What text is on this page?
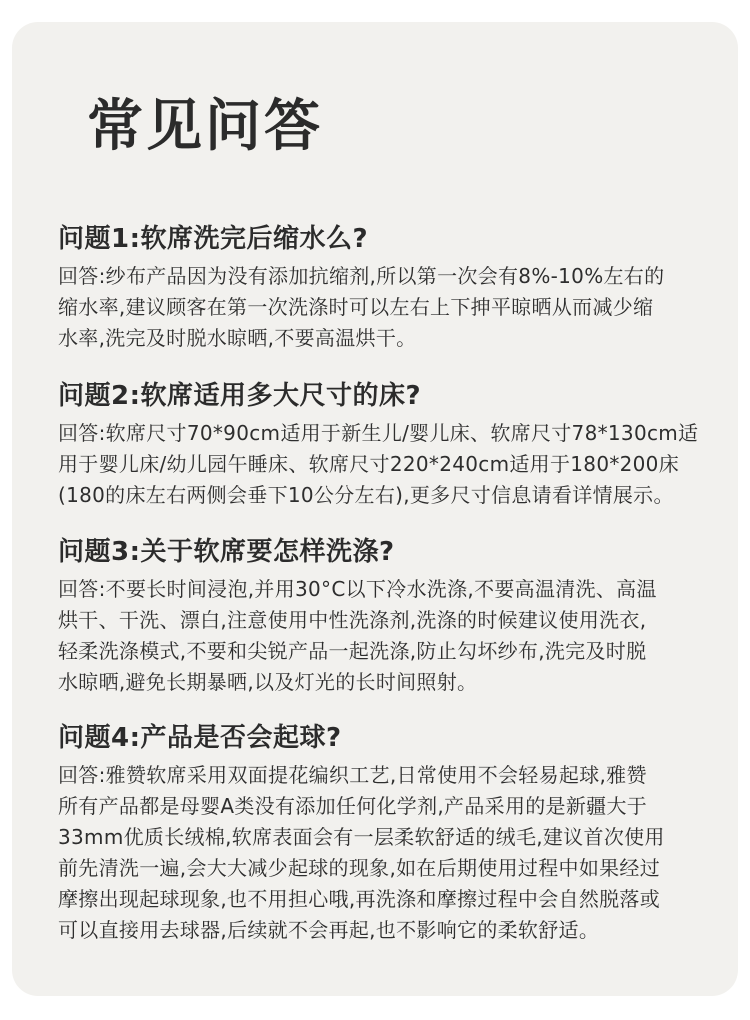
常见问答
问题1:软席洗完后缩水么?
回答:纱布产品因为没有添加抗缩剂,所以第一次会有8%-10%左右的
缩水率,建议顾客在第一次洗涤时可以左右上下抻平晾晒从而减少缩
水率,洗完及时脱水晾晒,不要高温烘干。
问题2:软席适用多大尺寸的床?
回答:软席尺寸70*90cm适用于新生儿/婴儿床、软席尺寸78*130cm适
用于婴儿床/幼儿园午睡床、软席尺寸220*240cm适用于180*200床
(180的床左右两侧会垂下10公分左右),更多尺寸信息请看详情展示。
问题3:关于软席要怎样洗涤?
回答:不要长时间浸泡,并用30°C以下冷水洗涤,不要高温清洗、高温
烘干、干洗、漂白,注意使用中性洗涤剂,洗涤的时候建议使用洗衣,
轻柔洗涤模式,不要和尖锐产品一起洗涤,防止勾坏纱布,洗完及时脱
水晾晒,避免长期暴晒,以及灯光的长时间照射。
问题4:产品是否会起球?
回答:雅赞软席采用双面提花编织工艺,日常使用不会轻易起球,雅赞
所有产品都是母婴A类没有添加任何化学剂,产品采用的是新疆大于
33mm优质长绒棉,软席表面会有一层柔软舒适的绒毛,建议首次使用
前先清洗一遍,会大大减少起球的现象,如在后期使用过程中如果经过
摩擦出现起球现象,也不用担心哦,再洗涤和摩擦过程中会自然脱落或
可以直接用去球器,后续就不会再起,也不影响它的柔软舒适。
